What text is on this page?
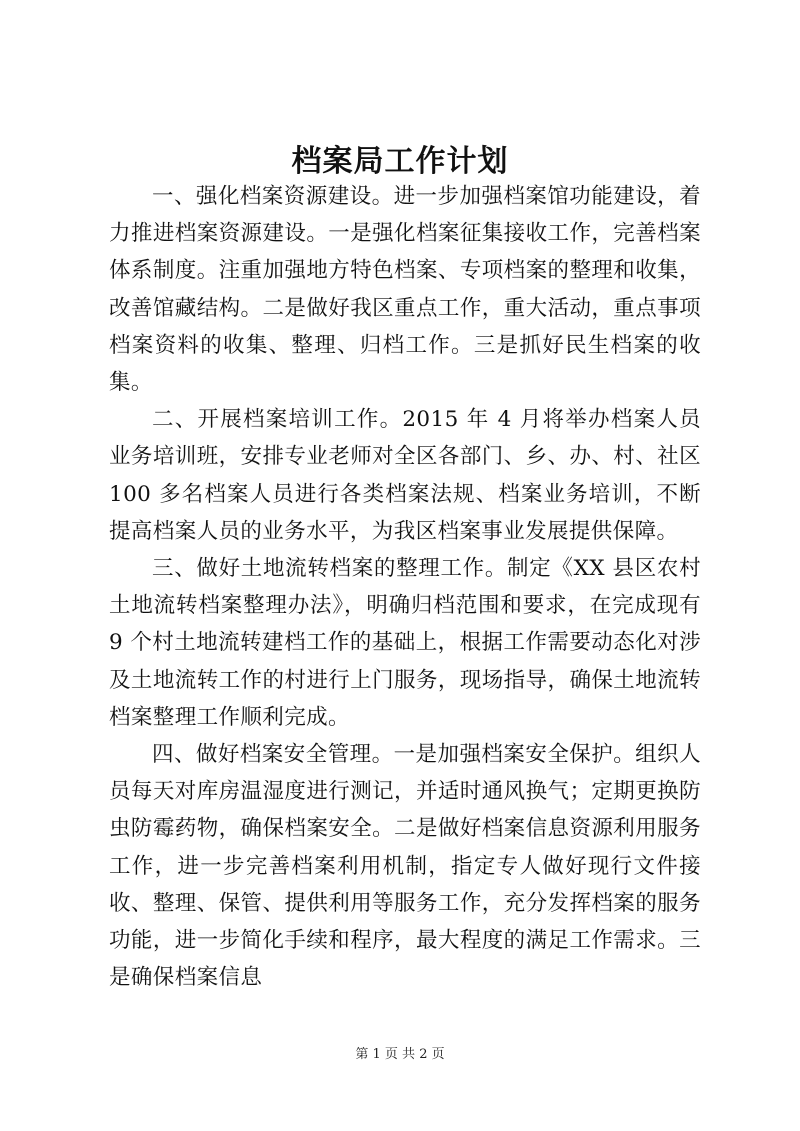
档案局工作计划

一、强化档案资源建设。进一步加强档案馆功能建设，着力推进档案资源建设。一是强化档案征集接收工作，完善档案体系制度。注重加强地方特色档案、专项档案的整理和收集，改善馆藏结构。二是做好我区重点工作，重大活动，重点事项档案资料的收集、整理、归档工作。三是抓好民生档案的收集。

二、开展档案培训工作。2015 年 4 月将举办档案人员业务培训班，安排专业老师对全区各部门、乡、办、村、社区 100 多名档案人员进行各类档案法规、档案业务培训，不断提高档案人员的业务水平，为我区档案事业发展提供保障。

三、做好土地流转档案的整理工作。制定《XX 县区农村土地流转档案整理办法》，明确归档范围和要求，在完成现有 9 个村土地流转建档工作的基础上，根据工作需要动态化对涉及土地流转工作的村进行上门服务，现场指导，确保土地流转档案整理工作顺利完成。

四、做好档案安全管理。一是加强档案安全保护。组织人员每天对库房温湿度进行测记，并适时通风换气；定期更换防虫防霉药物，确保档案安全。二是做好档案信息资源利用服务工作，进一步完善档案利用机制，指定专人做好现行文件接收、整理、保管、提供利用等服务工作，充分发挥档案的服务功能，进一步简化手续和程序，最大程度的满足工作需求。三是确保档案信息

第 1 页 共 2 页
